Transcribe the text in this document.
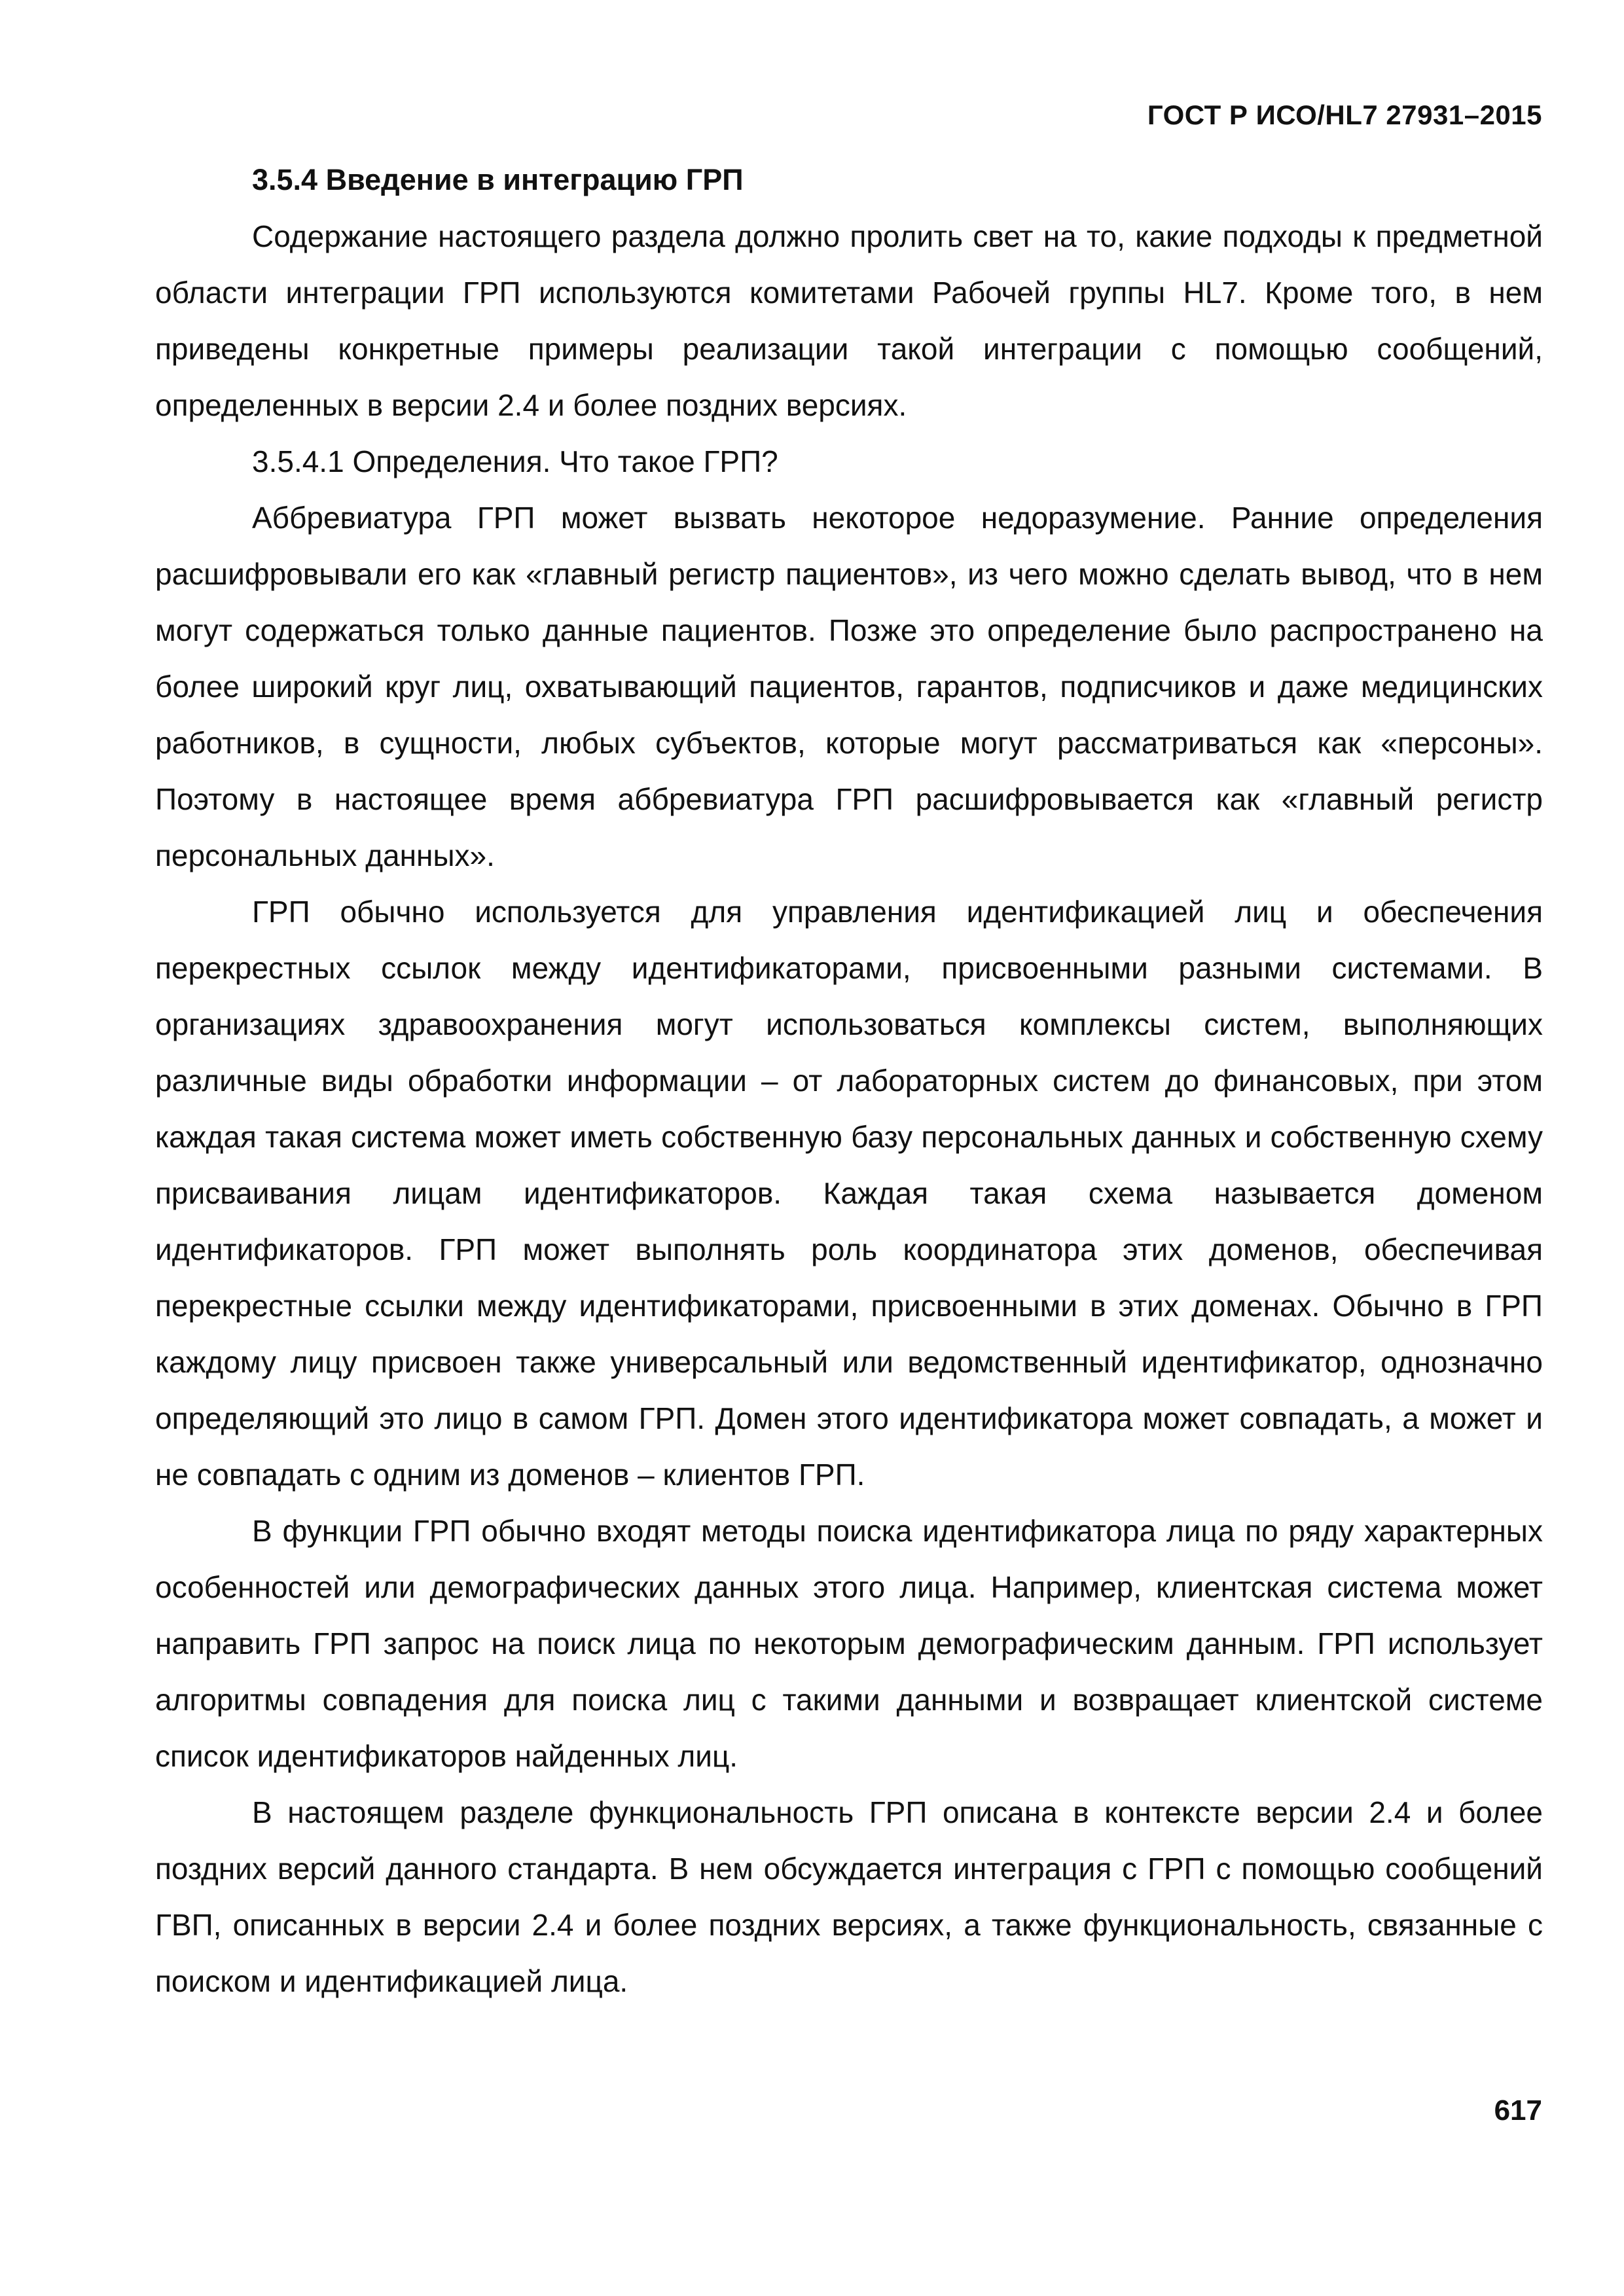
ГОСТ Р ИСО/HL7 27931–2015

3.5.4 Введение в интеграцию ГРП

Содержание настоящего раздела должно пролить свет на то, какие подходы к предметной области интеграции ГРП используются комитетами Рабочей группы HL7. Кроме того, в нем приведены конкретные примеры реализации такой интеграции с помощью сообщений, определенных в версии 2.4 и более поздних версиях.

3.5.4.1 Определения. Что такое ГРП?

Аббревиатура ГРП может вызвать некоторое недоразумение. Ранние определения расшифровывали его как «главный регистр пациентов», из чего можно сделать вывод, что в нем могут содержаться только данные пациентов. Позже это определение было распространено на более широкий круг лиц, охватывающий пациентов, гарантов, подписчиков и даже медицинских работников, в сущности, любых субъектов, которые могут рассматриваться как «персоны». Поэтому в настоящее время аббревиатура ГРП расшифровывается как «главный регистр персональных данных».

ГРП обычно используется для управления идентификацией лиц и обеспечения перекрестных ссылок между идентификаторами, присвоенными разными системами. В организациях здравоохранения могут использоваться комплексы систем, выполняющих различные виды обработки информации – от лабораторных систем до финансовых, при этом каждая такая система может иметь собственную базу персональных данных и собственную схему присваивания лицам идентификаторов. Каждая такая схема называется доменом идентификаторов. ГРП может выполнять роль координатора этих доменов, обеспечивая перекрестные ссылки между идентификаторами, присвоенными в этих доменах. Обычно в ГРП каждому лицу присвоен также универсальный или ведомственный идентификатор, однозначно определяющий это лицо в самом ГРП. Домен этого идентификатора может совпадать, а может и не совпадать с одним из доменов – клиентов ГРП.

В функции ГРП обычно входят методы поиска идентификатора лица по ряду характерных особенностей или демографических данных этого лица. Например, клиентская система может направить ГРП запрос на поиск лица по некоторым демографическим данным. ГРП использует алгоритмы совпадения для поиска лиц с такими данными и возвращает клиентской системе список идентификаторов найденных лиц.

В настоящем разделе функциональность ГРП описана в контексте версии 2.4 и более поздних версий данного стандарта. В нем обсуждается интеграция с ГРП с помощью сообщений ГВП, описанных в версии 2.4 и более поздних версиях, а также функциональность, связанные с поиском и идентификацией лица.

617
